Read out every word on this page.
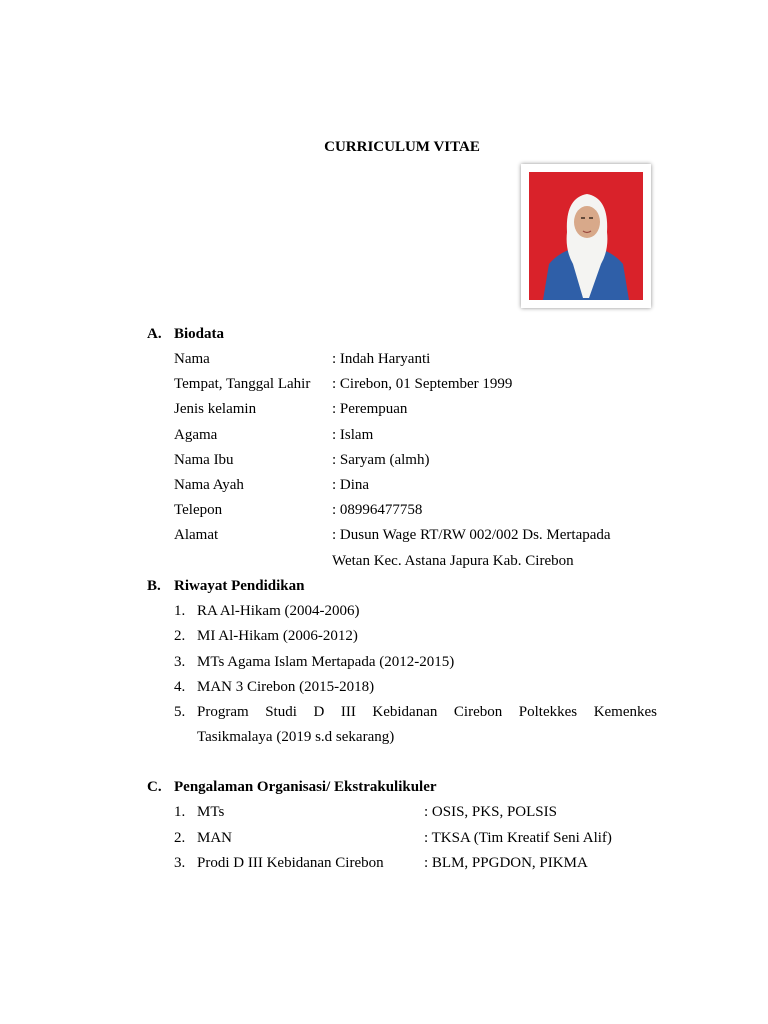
CURRICULUM VITAE
A. Biodata
Nama	: Indah Haryanti
Tempat, Tanggal Lahir : Cirebon, 01 September 1999
Jenis kelamin	: Perempuan
Agama	: Islam
Nama Ibu	: Saryam (almh)
Nama Ayah	: Dina
Telepon	: 08996477758
Alamat	: Dusun Wage RT/RW 002/002 Ds. Mertapada
Wetan Kec. Astana Japura Kab. Cirebon
B. Riwayat Pendidikan
1. RA Al-Hikam (2004-2006)
2. MI Al-Hikam (2006-2012)
3. MTs Agama Islam Mertapada (2012-2015)
4. MAN 3 Cirebon (2015-2018)
5. Program Studi D III Kebidanan Cirebon Poltekkes Kemenkes
Tasikmalaya (2019 s.d sekarang)
C. Pengalaman Organisasi/ Ekstrakulikuler
1. MTs	: OSIS, PKS, POLSIS
2. MAN	: TKSA (Tim Kreatif Seni Alif)
3. Prodi D III Kebidanan Cirebon	: BLM, PPGDON, PIKMA
